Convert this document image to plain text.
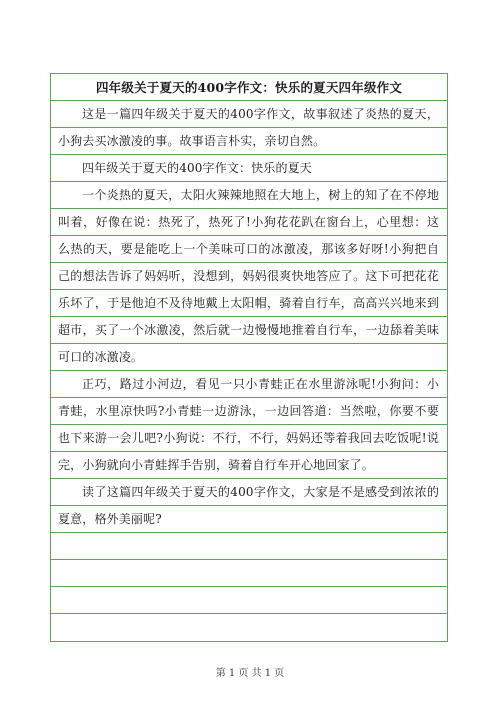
四年级关于夏天的400字作文：快乐的夏天四年级作文

这是一篇四年级关于夏天的400字作文，故事叙述了炎热的夏天，小狗去买冰激凌的事。故事语言朴实，亲切自然。

四年级关于夏天的400字作文：快乐的夏天

一个炎热的夏天，太阳火辣辣地照在大地上，树上的知了在不停地叫着，好像在说：热死了，热死了!小狗花花趴在窗台上，心里想：这么热的天，要是能吃上一个美味可口的冰激凌，那该多好呀!小狗把自己的想法告诉了妈妈听，没想到，妈妈很爽快地答应了。这下可把花花乐坏了，于是他迫不及待地戴上太阳帽，骑着自行车，高高兴兴地来到超市，买了一个冰激凌，然后就一边慢慢地推着自行车，一边舔着美味可口的冰激凌。

正巧，路过小河边，看见一只小青蛙正在水里游泳呢!小狗问：小青蛙，水里凉快吗?小青蛙一边游泳，一边回答道：当然啦，你要不要也下来游一会儿吧?小狗说：不行，不行，妈妈还等着我回去吃饭呢!说完，小狗就向小青蛙挥手告别，骑着自行车开心地回家了。

读了这篇四年级关于夏天的400字作文，大家是不是感受到浓浓的夏意，格外美丽呢?

第 1 页 共 1 页
